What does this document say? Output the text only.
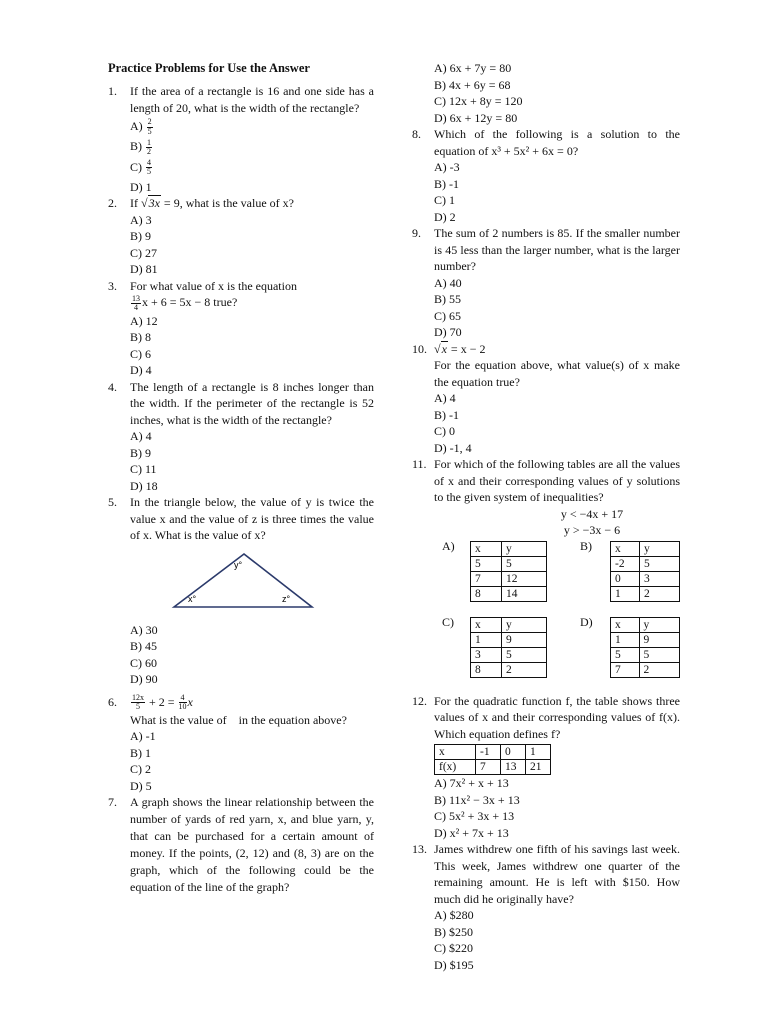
Practice Problems for Use the Answer
1.	If the area of a rectangle is 16 and one side has a length of 20, what is the width of the rectangle?
$A) \frac{2}{5}$
$B) \frac{1}{2}$
$C) \frac{4}{5}$
D) 1
2.	If √3x = 9, what is the value of x?
A) 3
B) 9
C) 27
D) 81
3.	For what value of x is the equation
$\frac{13}{4}$ x + 6 = 5x − 8 true?
A) 12
B) 8
C) 6
D) 4
4.	The length of a rectangle is 8 inches longer than the width. If the perimeter of the rectangle is 52 inches, what is the width of the rectangle?
A) 4
B) 9
C) 11
D) 18
5.	In the triangle below, the value of y is twice the value x and the value of z is three times the value of x. What is the value of x?
y°
x°	z°
A) 30
B) 45
C) 60
D) 90
6.	$\frac{12x}{5} + 2 = \frac{4}{10}$ x
What is the value of    in the equation above?
A) -1
B) 1
C) 2
D) 5
7.	A graph shows the linear relationship between the number of yards of red yarn, x, and blue yarn, y, that can be purchased for a certain amount of money. If the points, (2, 12) and (8, 3) are on the graph, which of the following could be the equation of the line of the graph?
A) 6x + 7y = 80
B) 4x + 6y = 68
C) 12x + 8y = 120
D) 6x + 12y = 80
8.	Which of the following is a solution to the equation of x³ + 5x² + 6x = 0?
A) -3
B) -1
C) 1
D) 2
9.	The sum of 2 numbers is 85. If the smaller number is 45 less than the larger number, what is the larger number?
A) 40
B) 55
C) 65
D) 70
10. √x = x − 2
For the equation above, what value(s) of x make the equation true?
A) 4
B) -1
C) 0
D) -1, 4
11. For which of the following tables are all the values of x and their corresponding values of y solutions to the given system of inequalities?
y < −4x + 17
y > −3x − 6
A) x	y
5	5
7	12
8	14
B) x	y
-2	5
0	3
1	2
C) x	y
1	9
3	5
8	2
D) x	y
1	9
5	5
7	2
12. For the quadratic function f, the table shows three values of x and their corresponding values of f(x). Which equation defines f?
x	-1	0	1
f(x)	7	13	21
A) 7x² + x + 13
B) 11x² − 3x + 13
C) 5x² + 3x + 13
D) x² + 7x + 13
13. James withdrew one fifth of his savings last week. This week, James withdrew one quarter of the remaining amount. He is left with $150. How much did he originally have?
A) $280
B) $250
C) $220
D) $195
